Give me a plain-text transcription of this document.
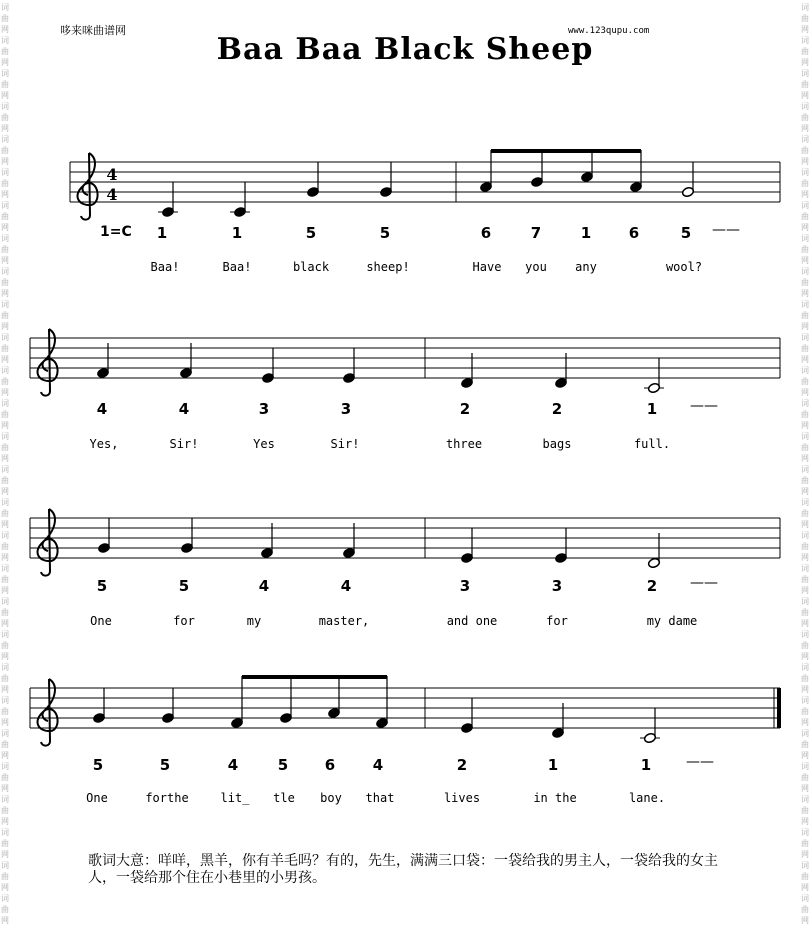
词
曲
网
词
曲
网
词
曲
网
词
曲
网
词
曲
网
词
曲
网
词
曲
网
词
曲
网
词
曲
网
词
曲
网
词
曲
网
词
曲
网
词
曲
网
词
曲
网
词
曲
网
词
曲
网
词
曲
网
词
曲
网
词
曲
网
词
曲
网
词
曲
网
词
曲
网
词
曲
网
词
曲
网
词
曲
网
词
曲
网
词
曲
网
词
曲
网
词
曲
网
词
曲
网
词
曲
网
词
曲
网
词
曲
网
词
曲
网
词
曲
网
词
曲
网
词
曲
网
词
曲
网
词
曲
网
词
曲
网
词
曲
网
词
曲
网
词
曲
网
词
曲
网
词
曲
网
词
曲
网
词
曲
网
词
曲
网
词
曲
网
词
曲
网
词
曲
网
词
曲
网
词
曲
网
词
曲
网
词
曲
网
词
曲
网
哆来咪曲谱网	www.123qupu.com
Baa Baa Black Sheep
4
4
1=C 1	1	5	5	6	7	1	6	5 ——
Baa!	Baa!	black	sheep!	Have you any	wool?
4	4	3	3	2	2	1 ——
Yes,	Sir!	Yes	Sir!	three	bags	full.
5	5	4	4	3	3	2 ——
One	for	my	master,	and one	for	my dame
5	5	4	5 6	4	2	1	1 ——
One	forthe	lit_ tle boy that	lives	in the	lane.
歌词大意：咩咩，黑羊，你有羊毛吗？有的，先生，满满三口袋：一袋给我的男主人，一袋给我的女主人，一袋给那个住在小巷里的小男孩。
